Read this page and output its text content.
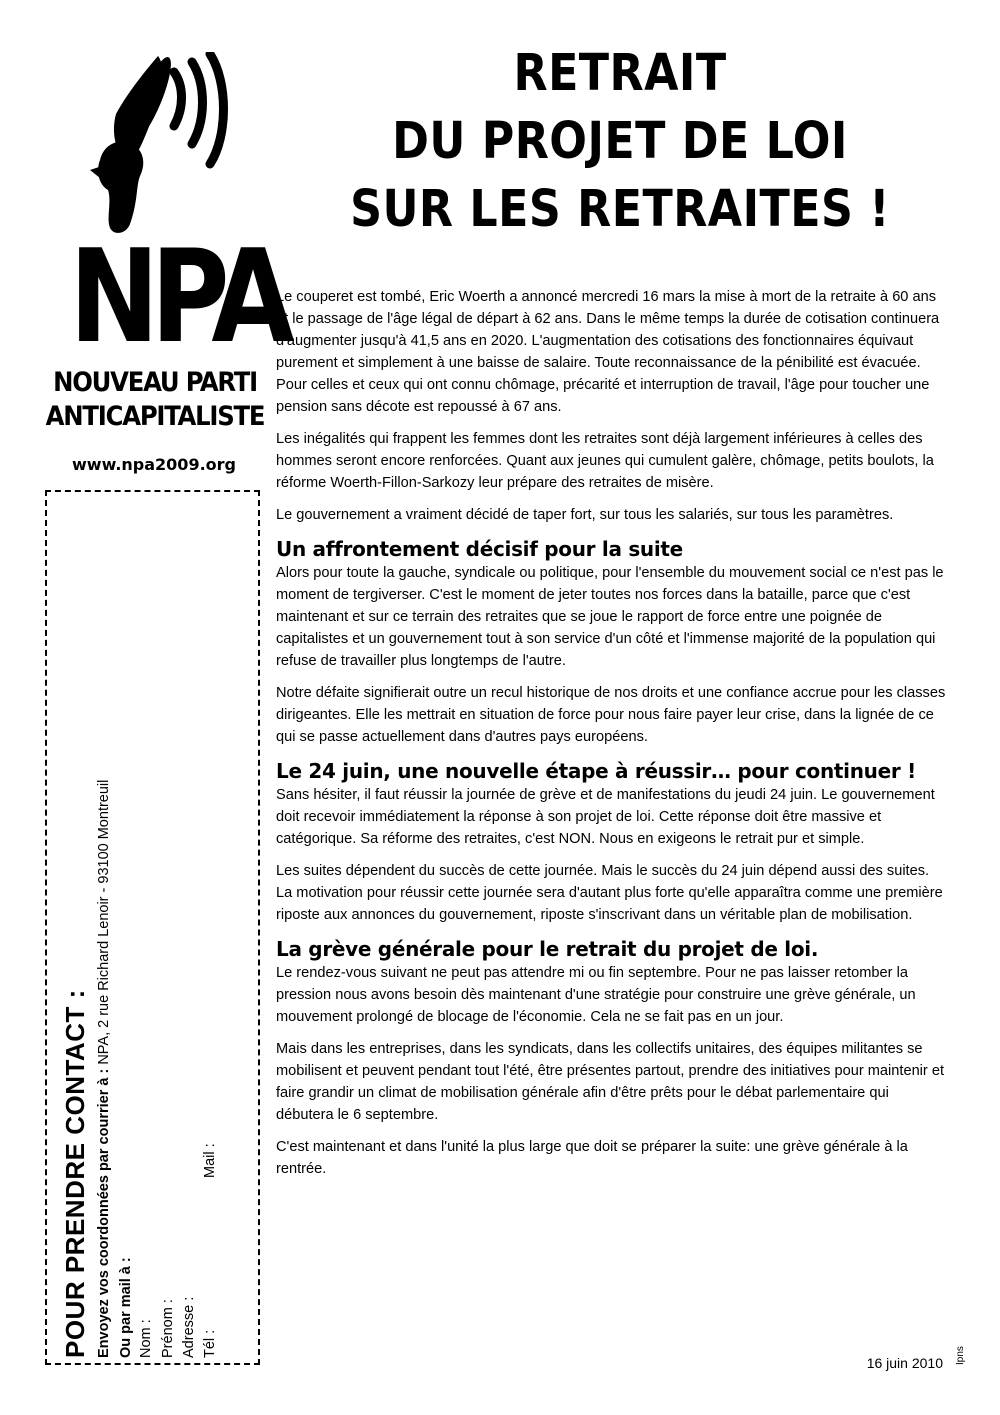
NPA
NOUVEAU PARTI
ANTICAPITALISTE
www.npa2009.org
POUR PRENDRE CONTACT : Envoyez vos coordonnées par courrier à : NPA, 2 rue Richard Lenoir - 93100 Montreuil
Ou par mail à : Nom : Prénom : Adresse : Tél :
Mail :
RETRAIT
DU PROJET DE LOI
SUR LES RETRAITES !

Le couperet est tombé, Eric Woerth a annoncé mercredi 16 mars la mise à mort de la retraite à 60 ans et le passage de l'âge légal de départ à 62 ans. Dans le même temps la durée de cotisation continuera d'augmenter jusqu'à 41,5 ans en 2020. L'augmentation des cotisations des fonctionnaires équivaut purement et simplement à une baisse de salaire. Toute reconnaissance de la pénibilité est évacuée. Pour celles et ceux qui ont connu chômage, précarité et interruption de travail, l'âge pour toucher une pension sans décote est repoussé à 67 ans.

Les inégalités qui frappent les femmes dont les retraites sont déjà largement inférieures à celles des hommes seront encore renforcées. Quant aux jeunes qui cumulent galère, chômage, petits boulots, la réforme Woerth-Fillon-Sarkozy leur prépare des retraites de misère.

Le gouvernement a vraiment décidé de taper fort, sur tous les salariés, sur tous les paramètres.

Un affrontement décisif pour la suite

Alors pour toute la gauche, syndicale ou politique, pour l'ensemble du mouvement social ce n'est pas le moment de tergiverser. C'est le moment de jeter toutes nos forces dans la bataille, parce que c'est maintenant et sur ce terrain des retraites que se joue le rapport de force entre une poignée de capitalistes et un gouvernement tout à son service d'un côté et l'immense majorité de la population qui refuse de travailler plus longtemps de l'autre.

Notre défaite signifierait outre un recul historique de nos droits et une confiance accrue pour les classes dirigeantes. Elle les mettrait en situation de force pour nous faire payer leur crise, dans la lignée de ce qui se passe actuellement dans d'autres pays européens.

Le 24 juin, une nouvelle étape à réussir… pour continuer !

Sans hésiter, il faut réussir la journée de grève et de manifestations du jeudi 24 juin. Le gouvernement doit recevoir immédiatement la réponse à son projet de loi. Cette réponse doit être massive et catégorique. Sa réforme des retraites, c'est NON. Nous en exigeons le retrait pur et simple.

Les suites dépendent du succès de cette journée. Mais le succès du 24 juin dépend aussi des suites. La motivation pour réussir cette journée sera d'autant plus forte qu'elle apparaîtra comme une première riposte aux annonces du gouvernement, riposte s'inscrivant dans un véritable plan de mobilisation.

La grève générale pour le retrait du projet de loi.

Le rendez-vous suivant ne peut pas attendre mi ou fin septembre. Pour ne pas laisser retomber la pression nous avons besoin dès maintenant d'une stratégie pour construire une grève générale, un mouvement prolongé de blocage de l'économie. Cela ne se fait pas en un jour.

Mais dans les entreprises, dans les syndicats, dans les collectifs unitaires, des équipes militantes se mobilisent et peuvent pendant tout l'été, être présentes partout, prendre des initiatives pour maintenir et faire grandir un climat de mobilisation générale afin d'être prêts pour le débat parlementaire qui débutera le 6 septembre.

C'est maintenant et dans l'unité la plus large que doit se préparer la suite: une grève générale à la rentrée.

16 juin 2010 Ipns
